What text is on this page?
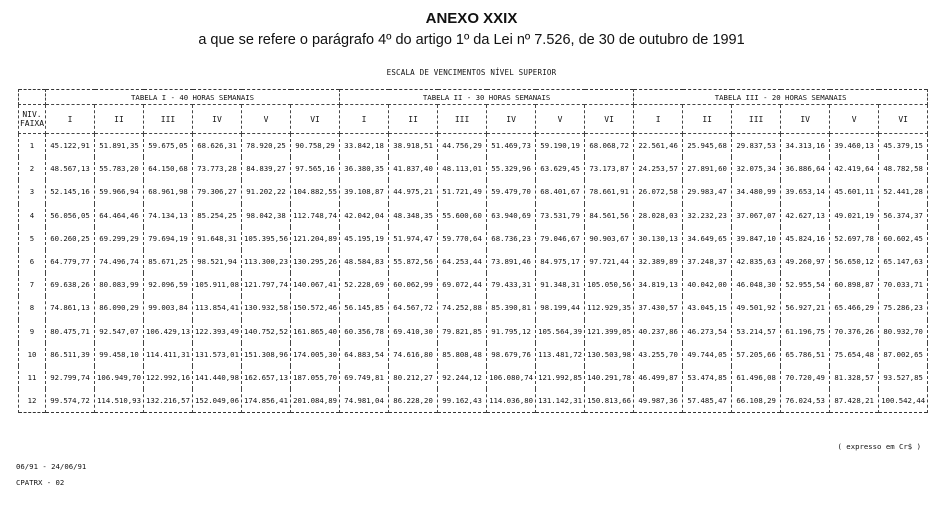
ANEXO XXIX
a que se refere o parágrafo 4º do artigo 1º da Lei nº 7.526, de 30 de outubro de 1991
ESCALA DE VENCIMENTOS NÍVEL SUPERIOR
	TABELA I - 40 HORAS SEMANAIS						TABELA II - 30 HORAS SEMANAIS						TABELA III - 20 HORAS SEMANAIS					
NIV. FAIXA	I	II	III	IV	V	VI	I	II	III	IV	V	VI	I	II	III	IV	V	VI
1	45.122,91	51.891,35	59.675,05	68.626,31	78.920,25	90.758,29	33.842,18	38.918,51	44.756,29	51.469,73	59.190,19	68.068,72	22.561,46	25.945,68	29.837,53	34.313,16	39.460,13	45.379,15
2	48.567,13	55.783,20	64.150,68	73.773,28	84.839,27	97.565,16	36.380,35	41.837,40	48.113,01	55.329,96	63.629,45	73.173,87	24.253,57	27.891,60	32.075,34	36.886,64	42.419,64	48.782,58
3	52.145,16	59.966,94	68.961,98	79.306,27	91.202,22	104.882,55	39.108,87	44.975,21	51.721,49	59.479,70	68.401,67	78.661,91	26.072,58	29.983,47	34.480,99	39.653,14	45.601,11	52.441,28
4	56.056,05	64.464,46	74.134,13	85.254,25	98.042,38	112.748,74	42.042,04	48.348,35	55.600,60	63.940,69	73.531,79	84.561,56	28.028,03	32.232,23	37.067,07	42.627,13	49.021,19	56.374,37
5	60.260,25	69.299,29	79.694,19	91.648,31	105.395,56	121.204,89	45.195,19	51.974,47	59.770,64	68.736,23	79.046,67	90.903,67	30.130,13	34.649,65	39.847,10	45.824,16	52.697,78	60.602,45
6	64.779,77	74.496,74	85.671,25	98.521,94	113.300,23	130.295,26	48.584,83	55.872,56	64.253,44	73.891,46	84.975,17	97.721,44	32.389,89	37.248,37	42.835,63	49.260,97	56.650,12	65.147,63
7	69.638,26	80.083,99	92.096,59	105.911,08	121.797,74	140.067,41	52.228,69	60.062,99	69.072,44	79.433,31	91.348,31	105.050,56	34.819,13	40.042,00	46.048,30	52.955,54	60.898,87	70.033,71
8	74.861,13	86.090,29	99.003,84	113.854,41	130.932,58	150.572,46	56.145,85	64.567,72	74.252,88	85.390,81	98.199,44	112.929,35	37.430,57	43.045,15	49.501,92	56.927,21	65.466,29	75.286,23
9	80.475,71	92.547,07	106.429,13	122.393,49	140.752,52	161.865,40	60.356,78	69.410,30	79.821,85	91.795,12	105.564,39	121.399,05	40.237,86	46.273,54	53.214,57	61.196,75	70.376,26	80.932,70
10	86.511,39	99.458,10	114.411,31	131.573,01	151.308,96	174.005,30	64.883,54	74.616,80	85.808,48	98.679,76	113.481,72	130.503,98	43.255,70	49.744,05	57.205,66	65.786,51	75.654,48	87.002,65
11	92.799,74	106.949,70	122.992,16	141.440,98	162.657,13	187.055,70	69.749,81	80.212,27	92.244,12	106.080,74	121.992,85	140.291,78	46.499,87	53.474,85	61.496,08	70.720,49	81.328,57	93.527,85
12	99.574,72	114.510,93	132.216,57	152.049,06	174.856,41	201.084,89	74.981,04	86.228,20	99.162,43	114.036,80	131.142,31	150.813,66	49.987,36	57.485,47	66.108,29	76.024,53	87.428,21	100.542,44
( expresso em Cr$ )
06/91 - 24/06/91
CPATRX - 02
